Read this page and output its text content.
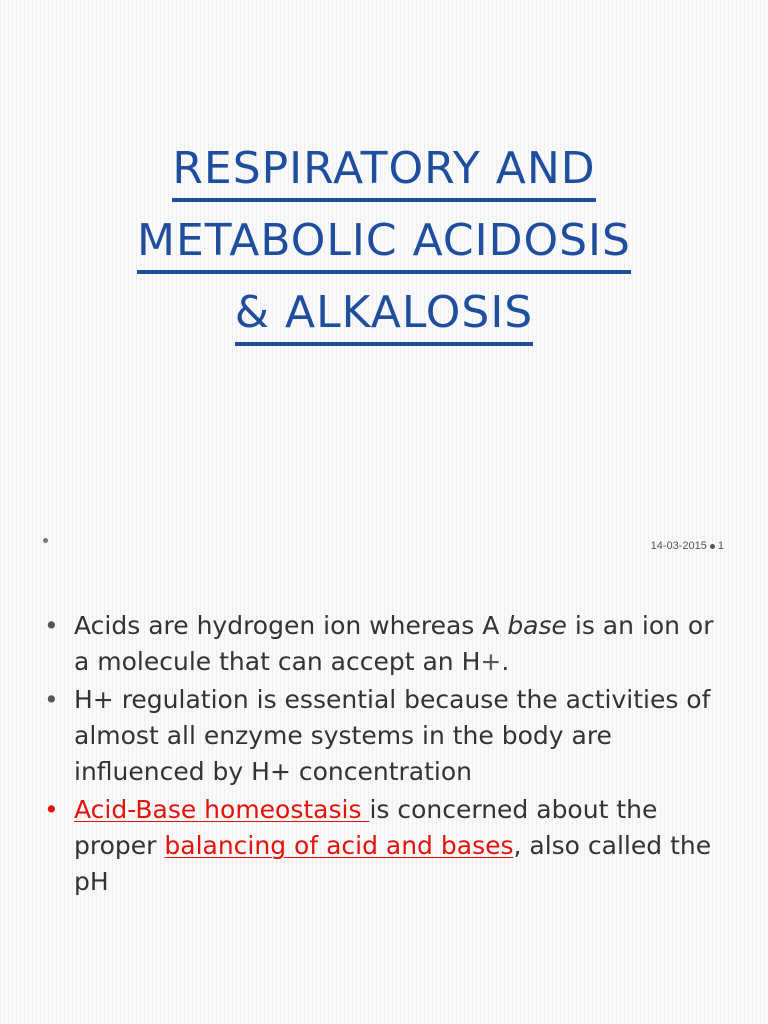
RESPIRATORY AND
METABOLIC ACIDOSIS
& ALKALOSIS
14-03-2015 1
• Acids are hydrogen ion whereas A base is an ion or a molecule that can accept an H+.
• H+ regulation is essential because the activities of almost all enzyme systems in the body are influenced by H+ concentration
• Acid-Base homeostasis is concerned about the proper balancing of acid and bases, also called the pH
